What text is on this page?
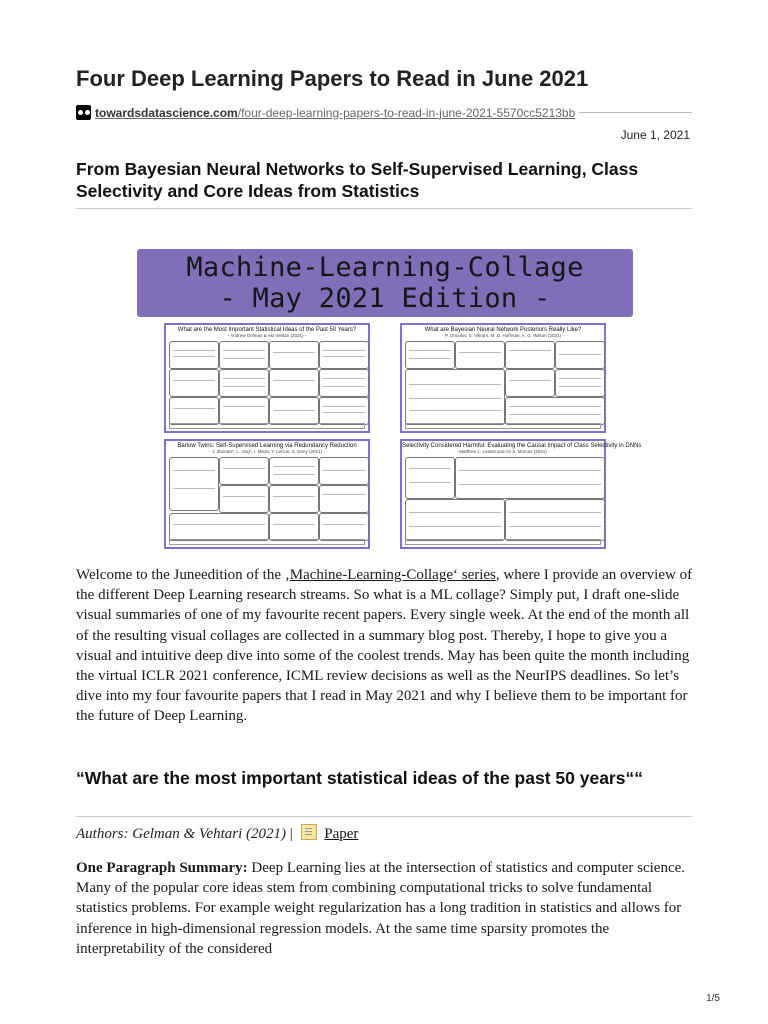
Four Deep Learning Papers to Read in June 2021
towardsdatascience.com/four-deep-learning-papers-to-read-in-june-2021-5570cc5213bb
June 1, 2021
From Bayesian Neural Networks to Self-Supervised Learning, Class Selectivity and Core Ideas from Statistics
Machine-Learning-Collage
- May 2021 Edition -
What are the Most Important Statistical Ideas of the Past 50 Years?
- Andrew Gelman & Aki Vehtari (2021) -
What are Bayesian Neural Network Posteriors Really Like?
- P. Izmailov, S. Vikram, M. D. Hoffman, A. G. Wilson (2021) -
Barlow Twins: Self-Supervised Learning via Redundancy Reduction
- J. Zbontar*, L. Jing*, I. Misra, Y. LeCun, S. Deny (2021) -
Selectivity Considered Harmful: Evaluating the Causal Impact of Class Selectivity in DNNs
- Matthew L. Leavitt and Ari S. Morcos (2021) -

Welcome to the Juneedition of the ‚Machine-Learning-Collage‘ series, where I provide an overview of the different Deep Learning research streams. So what is a ML collage? Simply put, I draft one-slide visual summaries of one of my favourite recent papers. Every single week. At the end of the month all of the resulting visual collages are collected in a summary blog post. Thereby, I hope to give you a visual and intuitive deep dive into some of the coolest trends. May has been quite the month including the virtual ICLR 2021 conference, ICML review decisions as well as the NeurIPS deadlines. So let’s dive into my four favourite papers that I read in May 2021 and why I believe them to be important for the future of Deep Learning.

“What are the most important statistical ideas of the past 50 years““
Authors: Gelman & Vehtari (2021) | Paper

One Paragraph Summary: Deep Learning lies at the intersection of statistics and computer science. Many of the popular core ideas stem from combining computational tricks to solve fundamental statistics problems. For example weight regularization has a long tradition in statistics and allows for inference in high-dimensional regression models. At the same time sparsity promotes the interpretability of the considered

1/5
